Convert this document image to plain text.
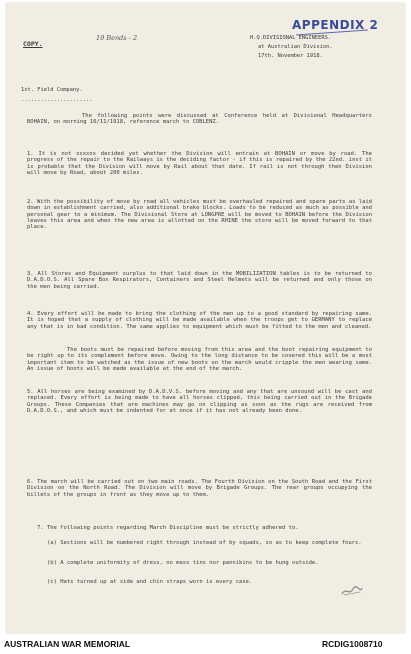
APPENDIX 2
COPY.
19 Bends - 2	H.Q.DIVISIONAL ENGINEERS.
at Australian Division.
17th. November 1918.
1st. Field Company.
......................
The following points were discussed at Conference held at Divisional Headquarters BOHAIN, on morning 16/11/1918, reference march to COBLENZ.
1. It is not xxxxxx decided yet whether the Division will entrain at BOHAIN or move by road. The progress of the repair to the Railways is the deciding factor - if this is repaired by the 22nd. inst it is probable that the Division will move by Rail about that date. If rail is not through then Division will move by Road, about 200 miles.
2. With the possibility of move by road all vehicles must be overhauled repaired and spare parts as laid down in establishment carried, also additional brake blocks. Loads to be reduced as much as possible and personal gear to a minimum. The Divisional Store at LONGPRE will be moved to BOHAIN before the Division leaves this area and when the new area is allotted on the RHINE the store will be moved forward to that place.
3. All Stores and Equipment surplus to that laid down in the MOBILIZATION tables is to be returned to D.A.D.O.S. All Spare Box Respirators, Containers and Steel Helmets will be returned and only those on the men being carried.
4. Every effort will be made to bring the clothing of the men up to a good standard by repairing same. It is hoped that a supply of clothing will be made available when the troops get to GERMANY to replace any that is in bad condition. The same applies to equipment which must be fitted to the men and cleaned.
The boots must be repaired before moving from this area and the boot repairing equipment to be right up to its complement before move. Owing to the long distance to be covered this will be a most important item to be watched as the issue of new boots on the march would cripple the men wearing same. An issue of boots will be made available at the end of the march.
5. All horses are being examined by D.A.D.V.S. before moving and any that are unsound will be cast and replaced. Every effort is being made to have all horses clipped, this being carried out in the Brigade Groups. These Companies that are machines may go on clipping as soon as the rugs are received from D.A.D.O.S., and which must be indented for at once if it has not already been done.
6. The march will be carried out on two main roads. The Fourth Division on the South Road and the First Division on the North Road. The Division will move by Brigade Groups. The rear groups occupying the billets of the groups in front as they move up to them.
7. The following points regarding March Discipline must be strictly adhered to.
(a) Sections will be numbered right through instead of by squads, so as to keep complete fours.
(b) A complete uniformity of dress, no mess tins nor pannikins to be hung outside.
(c) Hats turned up at side and chin straps worn is every case.
AUSTRALIAN WAR MEMORIAL	RCDIG1008710
